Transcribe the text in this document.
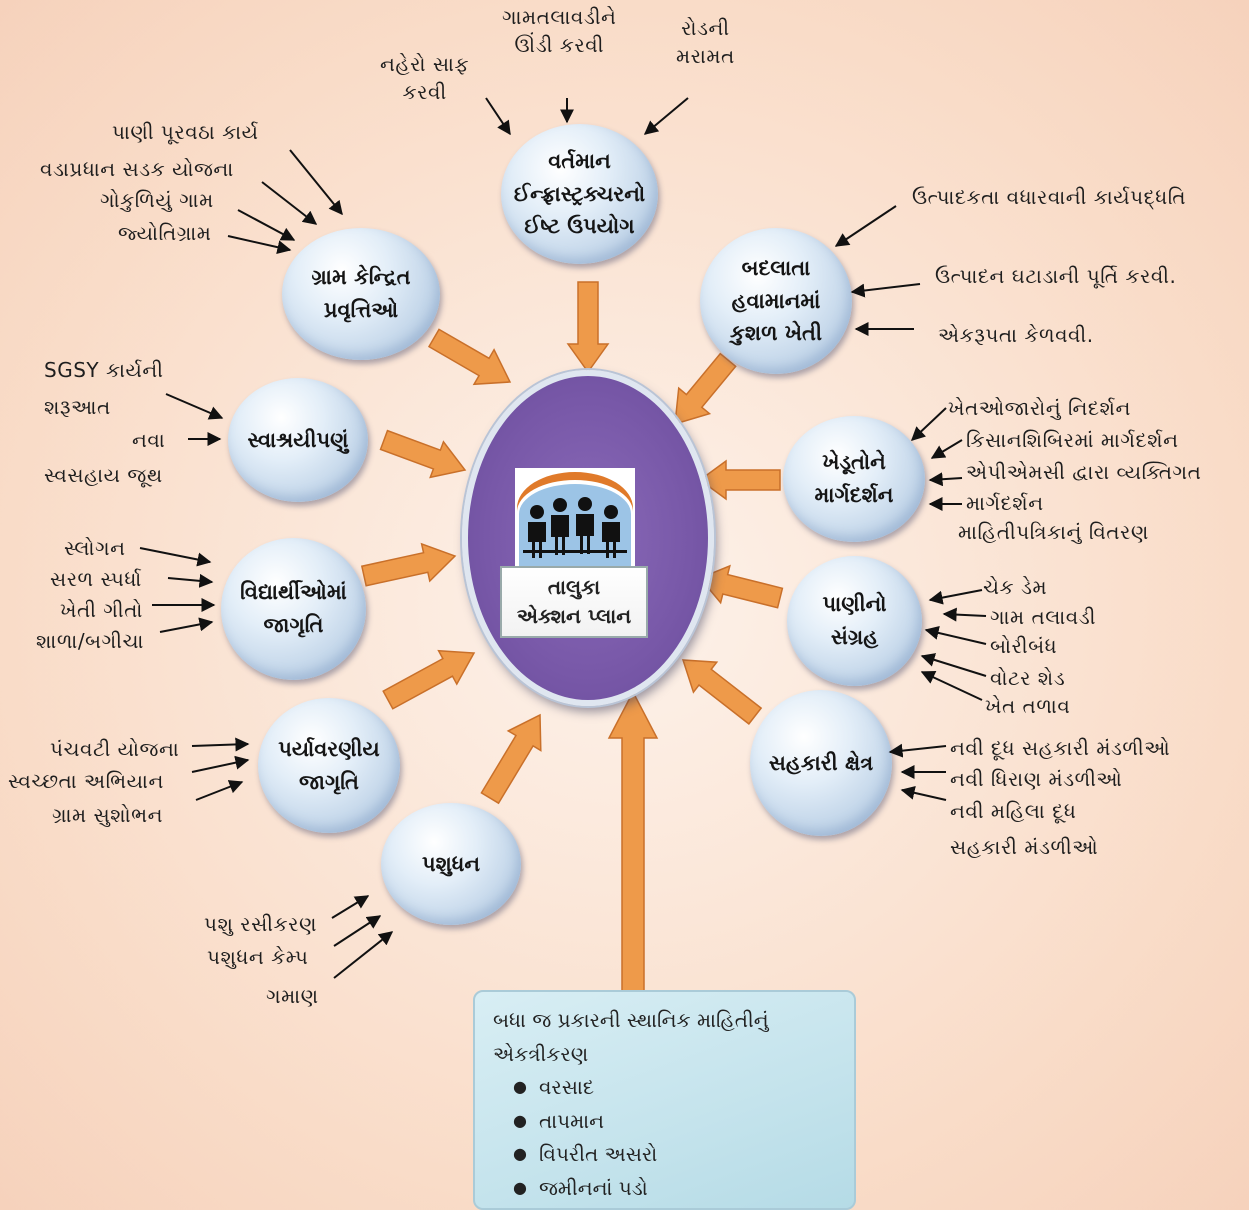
તાલુકા
એક્શન પ્લાન
વર્તમાન
ઈન્ફ્રાસ્ટ્રક્ચરનો
ઈષ્ટ ઉપયોગ
ગ્રામ કેન્દ્રિત
પ્રવૃત્તિઓ
બદલાતા
હવામાનમાં
કુશળ ખેતી
સ્વાશ્રયીપણું
ખેડૂતોને
માર્ગદર્શન
વિદ્યાર્થીઓમાં
જાગૃતિ
પાણીનો
સંગ્રહ
પર્યાવરણીય
જાગૃતિ
સહકારી ક્ષેત્ર
પશુધન
નહેરો સાફ
કરવી
ગામતલાવડીને
ઊંડી કરવી
રોડની
મરામત
પાણી પૂરવઠા કાર્ય
વડાપ્રધાન સડક યોજના
ગોકુળિયું ગામ
જ્યોતિગ્રામ
ઉત્પાદકતા વધારવાની કાર્યપદ્ધતિ
ઉત્પાદન ઘટાડાની પૂર્તિ કરવી.
એકરૂપતા કેળવવી.
SGSY કાર્યની
શરૂઆત
નવા
સ્વસહાય જૂથ
ખેતઓજારોનું નિદર્શન
કિસાનશિબિરમાં માર્ગદર્શન
એપીએમસી દ્વારા વ્યક્તિગત
માર્ગદર્શન
માહિતીપત્રિકાનું વિતરણ
સ્લોગન
સરળ સ્પર્ધા
ખેતી ગીતો
શાળા/બગીચા
ચેક ડેમ
ગામ તલાવડી
બોરીબંધ
વોટર શેડ
ખેત તળાવ
પંચવટી યોજના
સ્વચ્છતા અભિયાન
ગ્રામ સુશોભન
નવી દૂધ સહકારી મંડળીઓ
નવી ધિરાણ મંડળીઓ
નવી મહિલા દૂધ
સહકારી મંડળીઓ
પશુ રસીકરણ
પશુધન કેમ્પ
ગમાણ
બધા જ પ્રકારની સ્થાનિક માહિતીનું
એકત્રીકરણ
● વરસાદ
● તાપમાન
● વિપરીત અસરો
● જમીનનાં પડો
